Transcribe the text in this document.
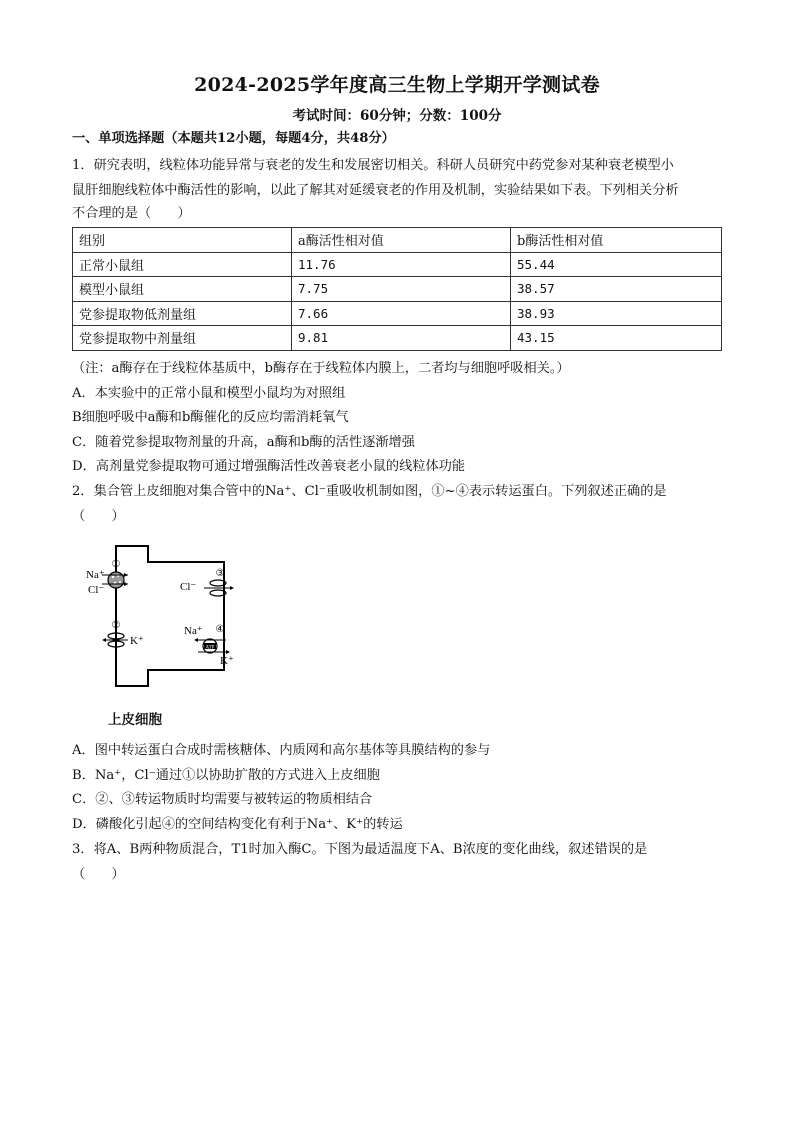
2024-2025学年度高三生物上学期开学测试卷
考试时间：60分钟；分数：100分
一、单项选择题（本题共12小题，每题4分，共48分）
1．研究表明，线粒体功能异常与衰老的发生和发展密切相关。科研人员研究中药党参对某种衰老模型小
鼠肝细胞线粒体中酶活性的影响，以此了解其对延缓衰老的作用及机制，实验结果如下表。下列相关分析
不合理的是（　　）
组别	a酶活性相对值	b酶活性相对值
正常小鼠组	11.76	55.44
模型小鼠组	7.75	38.57
党参提取物低剂量组	7.66	38.93
党参提取物中剂量组	9.81	43.15
（注：a酶存在于线粒体基质中，b酶存在于线粒体内膜上，二者均与细胞呼吸相关。）
A．本实验中的正常小鼠和模型小鼠均为对照组
B细胞呼吸中a酶和b酶催化的反应均需消耗氧气
C．随着党参提取物剂量的升高，a酶和b酶的活性逐渐增强
D．高剂量党参提取物可通过增强酶活性改善衰老小鼠的线粒体功能
2．集合管上皮细胞对集合管中的Na⁺、Cl⁻重吸收机制如图，①~④表示转运蛋白。下列叙述正确的是
（　　）
Na⁺
Cl⁻
①
②
K⁺
Cl⁻
③
ATP
Na⁺ ④
K⁺
上皮细胞
A．图中转运蛋白合成时需核糖体、内质网和高尔基体等具膜结构的参与
B．Na⁺，Cl⁻通过①以协助扩散的方式进入上皮细胞
C．②、③转运物质时均需要与被转运的物质相结合
D．磷酸化引起④的空间结构变化有利于Na⁺、K⁺的转运
3．将A、B两种物质混合，T1时加入酶C。下图为最适温度下A、B浓度的变化曲线，叙述错误的是
（　　）
